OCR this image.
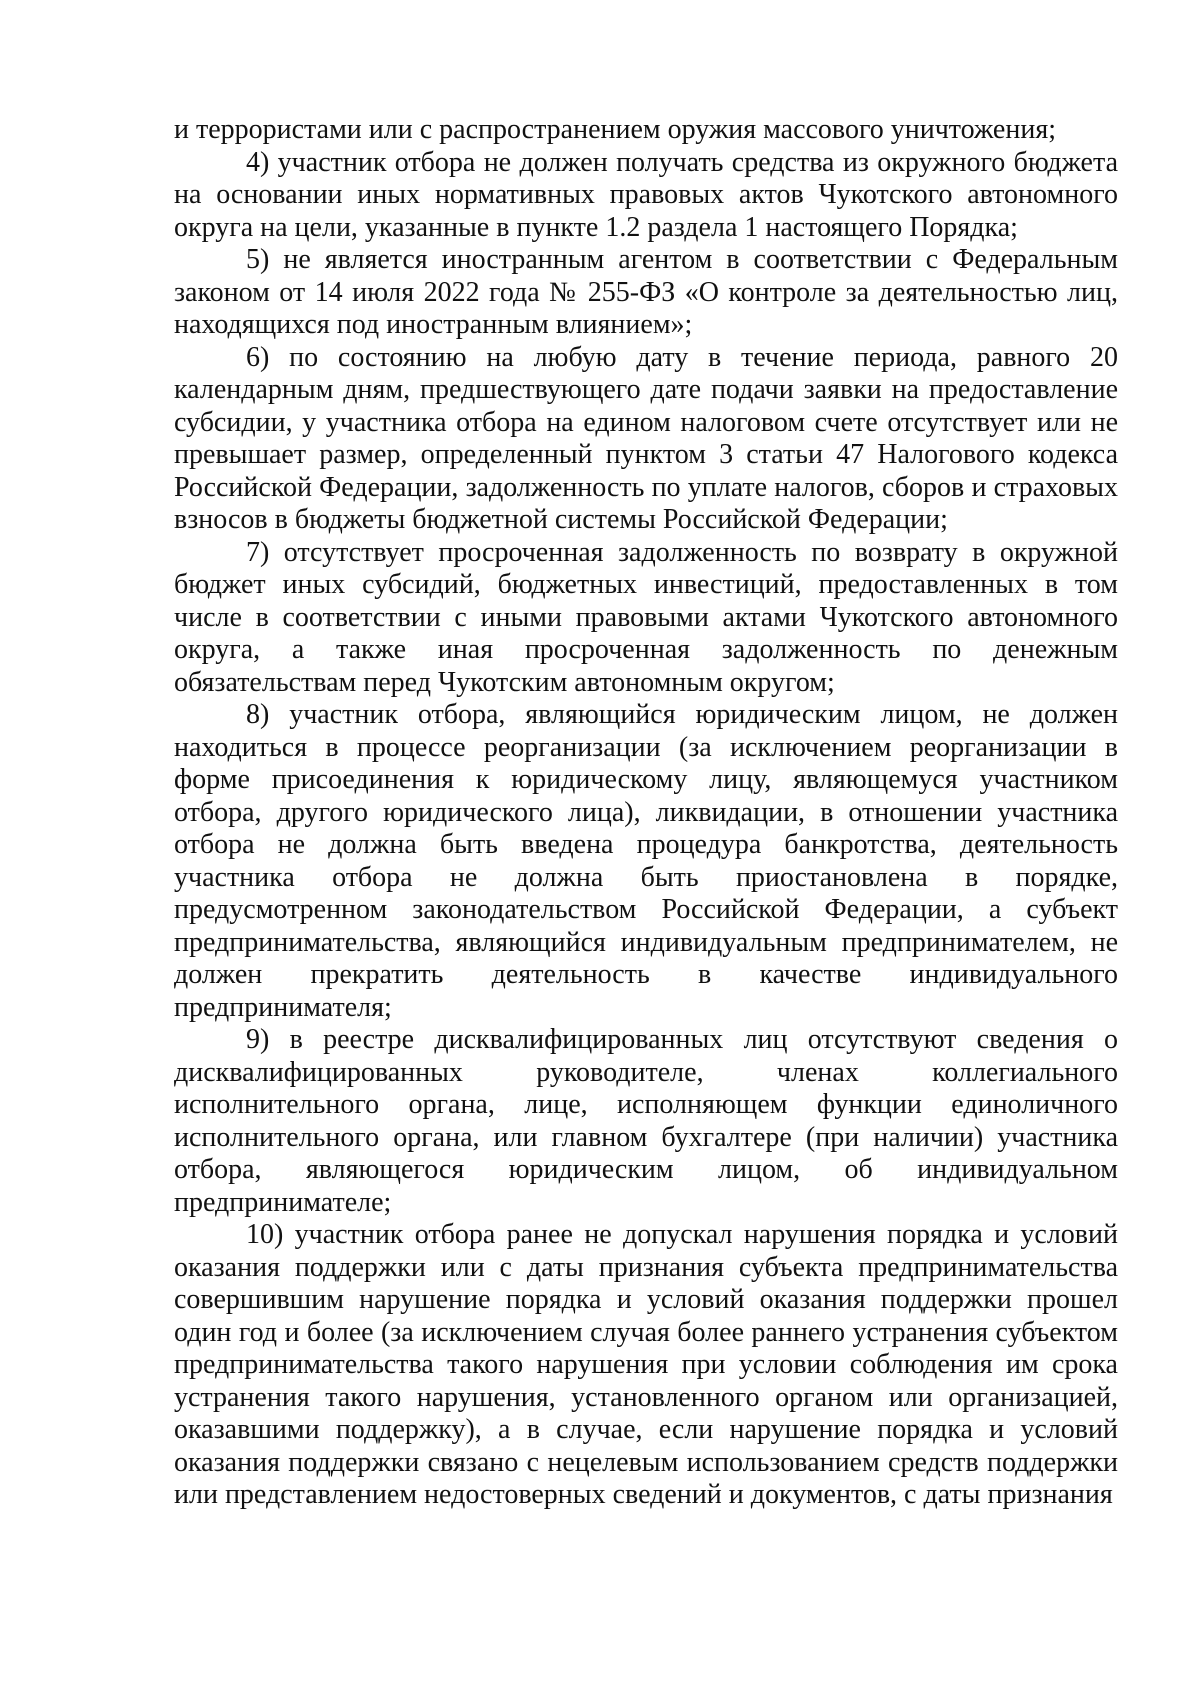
и террористами или с распространением оружия массового уничтожения;

4) участник отбора не должен получать средства из окружного бюджета на основании иных нормативных правовых актов Чукотского автономного округа на цели, указанные в пункте 1.2 раздела 1 настоящего Порядка;

5) не является иностранным агентом в соответствии с Федеральным законом от 14 июля 2022 года № 255-ФЗ «О контроле за деятельностью лиц, находящихся под иностранным влиянием»;

6) по состоянию на любую дату в течение периода, равного 20 календарным дням, предшествующего дате подачи заявки на предоставление субсидии, у участника отбора на едином налоговом счете отсутствует или не превышает размер, определенный пунктом 3 статьи 47 Налогового кодекса Российской Федерации, задолженность по уплате налогов, сборов и страховых взносов в бюджеты бюджетной системы Российской Федерации;

7) отсутствует просроченная задолженность по возврату в окружной бюджет иных субсидий, бюджетных инвестиций, предоставленных в том числе в соответствии с иными правовыми актами Чукотского автономного округа, а также иная просроченная задолженность по денежным обязательствам перед Чукотским автономным округом;

8) участник отбора, являющийся юридическим лицом, не должен находиться в процессе реорганизации (за исключением реорганизации в форме присоединения к юридическому лицу, являющемуся участником отбора, другого юридического лица), ликвидации, в отношении участника отбора не должна быть введена процедура банкротства, деятельность участника отбора не должна быть приостановлена в порядке, предусмотренном законодательством Российской Федерации, а субъект предпринимательства, являющийся индивидуальным предпринимателем, не должен прекратить деятельность в качестве индивидуального предпринимателя;

9) в реестре дисквалифицированных лиц отсутствуют сведения о дисквалифицированных руководителе, членах коллегиального исполнительного органа, лице, исполняющем функции единоличного исполнительного органа, или главном бухгалтере (при наличии) участника отбора, являющегося юридическим лицом, об индивидуальном предпринимателе;

10) участник отбора ранее не допускал нарушения порядка и условий оказания поддержки или с даты признания субъекта предпринимательства совершившим нарушение порядка и условий оказания поддержки прошел один год и более (за исключением случая более раннего устранения субъектом предпринимательства такого нарушения при условии соблюдения им срока устранения такого нарушения, установленного органом или организацией, оказавшими поддержку), а в случае, если нарушение порядка и условий оказания поддержки связано с нецелевым использованием средств поддержки или представлением недостоверных сведений и документов, с даты признания
